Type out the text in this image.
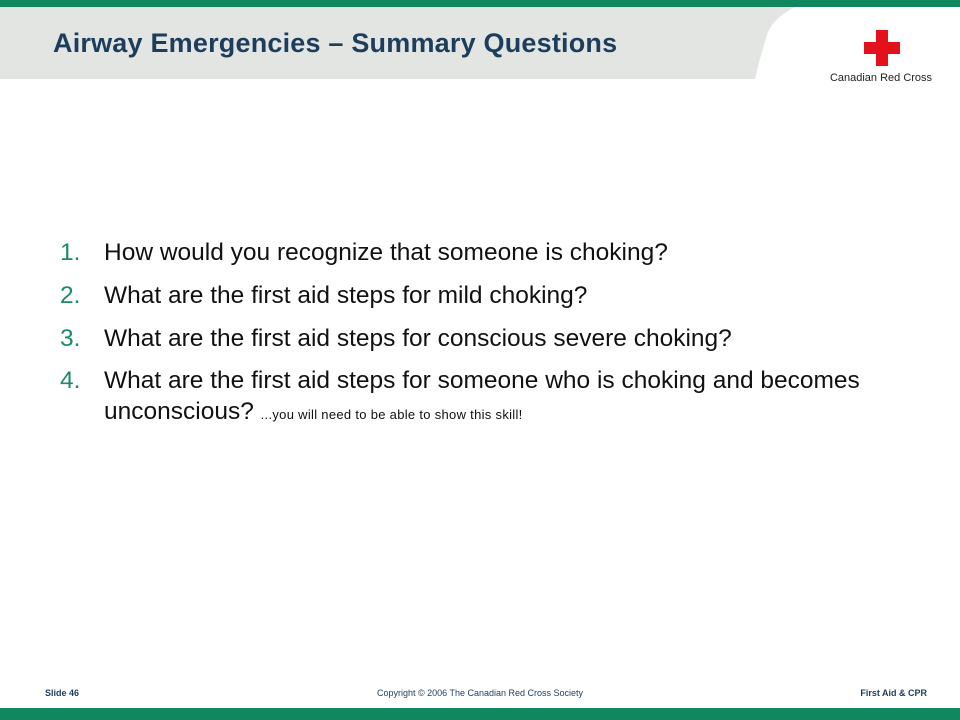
Airway Emergencies – Summary Questions
Canadian Red Cross
1. How would you recognize that someone is choking?
2. What are the first aid steps for mild choking?
3. What are the first aid steps for conscious severe choking?
4. What are the first aid steps for someone who is choking and becomes unconscious? ...you will need to be able to show this skill!
Slide 46	Copyright © 2006 The Canadian Red Cross Society	First Aid & CPR
